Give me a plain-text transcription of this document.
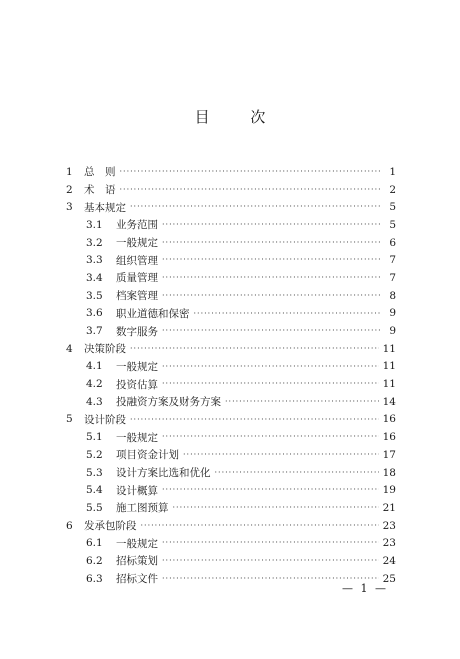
目 次
1	总　则 ·····	1
2	术　语 ·····	2
3	基本规定 ·····	5
3.1	业务范围 ·····	5
3.2	一般规定 ·····	6
3.3	组织管理 ·····	7
3.4	质量管理 ·····	7
3.5	档案管理 ·····	8
3.6	职业道德和保密 ·····	9
3.7	数字服务 ·····	9
4	决策阶段 ·····	11
4.1	一般规定 ·····	11
4.2	投资估算 ·····	11
4.3	投融资方案及财务方案 ·····	14
5	设计阶段 ·····	16
5.1	一般规定 ·····	16
5.2	项目资金计划 ·····	17
5.3	设计方案比选和优化 ·····	18
5.4	设计概算 ·····	19
5.5	施工图预算 ·····	21
6	发承包阶段 ·····	23
6.1	一般规定 ·····	23
6.2	招标策划 ·····	24
6.3	招标文件 ·····	25
— 1 —
